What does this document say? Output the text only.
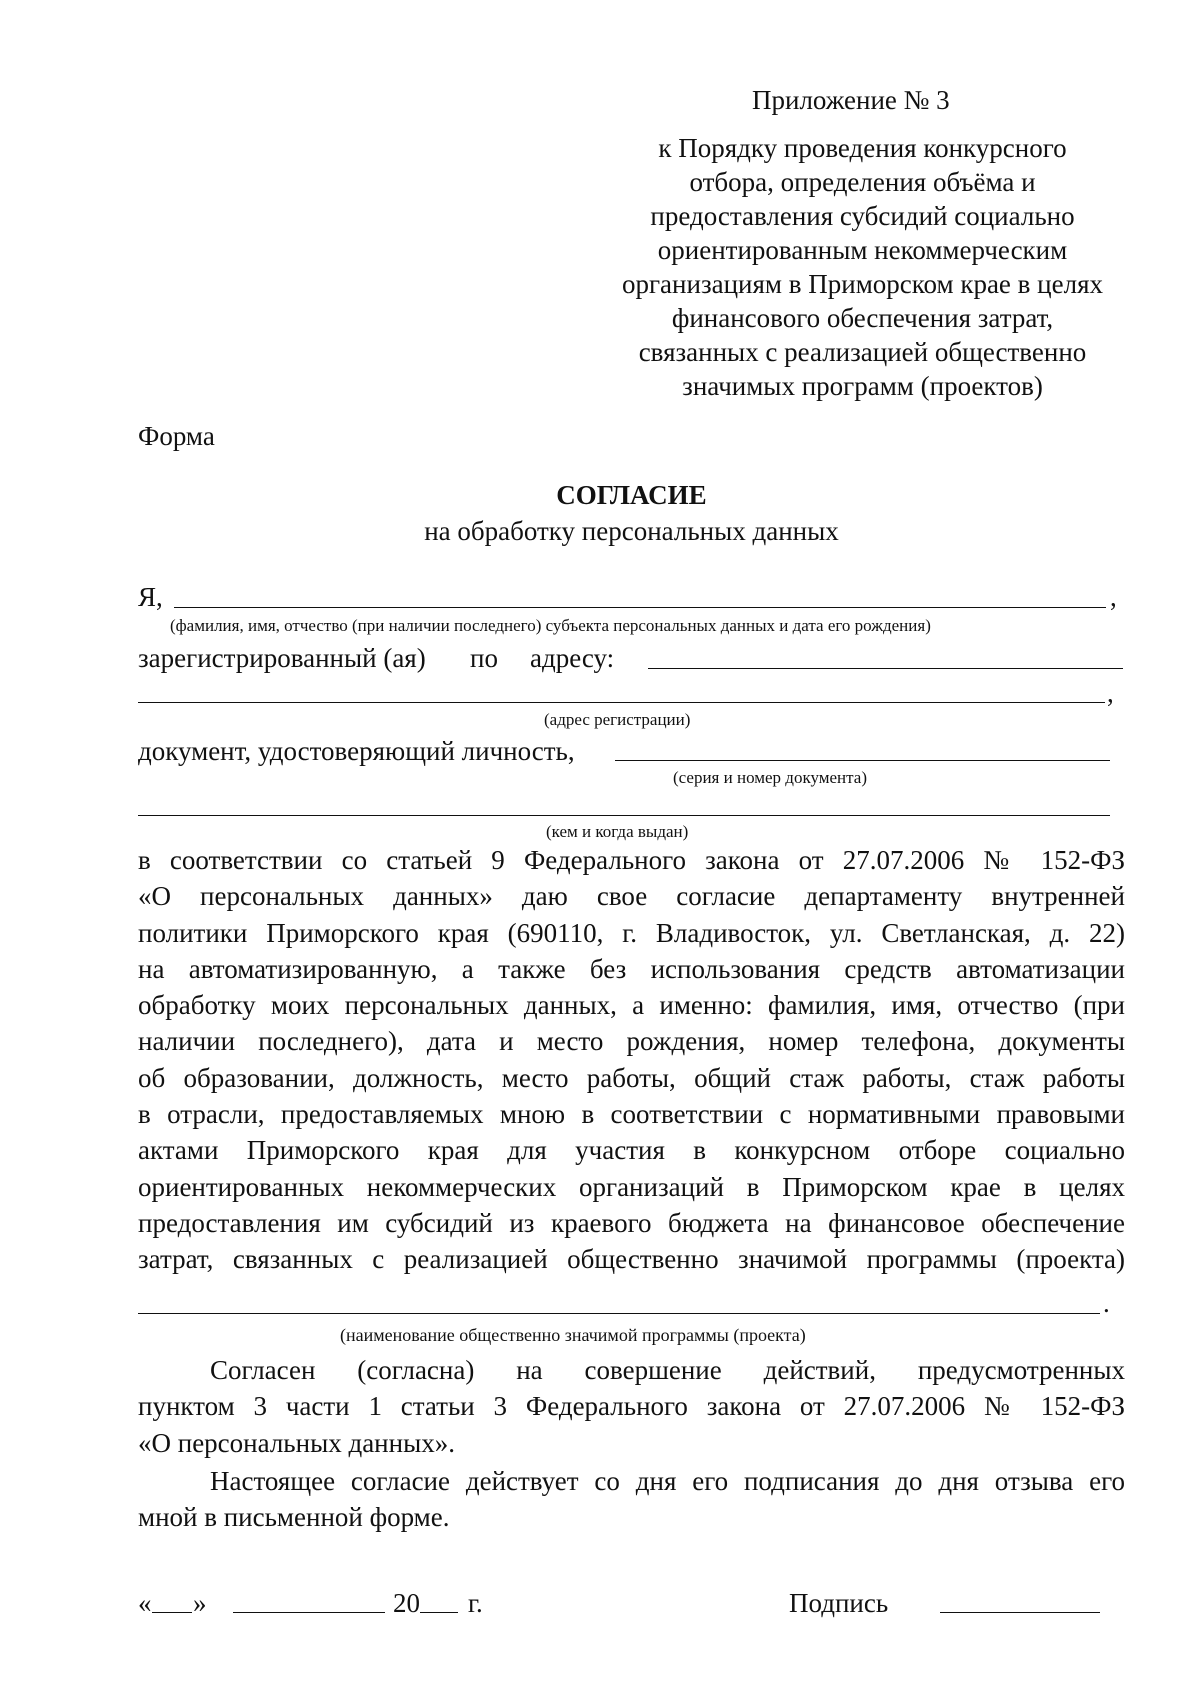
Приложение № 3
к Порядку проведения конкурсного
отбора, определения объёма и
предоставления субсидий социально
ориентированным некоммерческим
организациям в Приморском крае в целях
финансового обеспечения затрат,
связанных с реализацией общественно
значимых программ (проектов)
Форма
СОГЛАСИЕ
на обработку персональных данных
Я,	,
(фамилия, имя, отчество (при наличии последнего) субъекта персональных данных и дата его рождения)
зарегистрированный (ая) по адресу:
,
(адрес регистрации)
документ, удостоверяющий личность,
(серия и номер документа)
(кем и когда выдан)

в соответствии со статьей 9 Федерального закона от 27.07.2006 № 152-ФЗ

«О персональных данных» даю свое согласие департаменту внутренней

политики Приморского края (690110, г. Владивосток, ул. Светланская, д. 22)

на автоматизированную, а также без использования средств автоматизации

обработку моих персональных данных, а именно: фамилия, имя, отчество (при

наличии последнего), дата и место рождения, номер телефона, документы

об образовании, должность, место работы, общий стаж работы, стаж работы

в отрасли, предоставляемых мною в соответствии с нормативными правовыми

актами Приморского края для участия в конкурсном отборе социально

ориентированных некоммерческих организаций в Приморском крае в целях

предоставления им субсидий из краевого бюджета на финансовое обеспечение

затрат, связанных с реализацией общественно значимой программы (проекта)

.
(наименование общественно значимой программы (проекта)

Согласен (согласна) на совершение действий, предусмотренных

пунктом 3 части 1 статьи 3 Федерального закона от 27.07.2006 № 152-ФЗ

«О персональных данных».

Настоящее согласие действует со дня его подписания до дня отзыва его

мной в письменной форме.

« »	20 г.	Подпись
